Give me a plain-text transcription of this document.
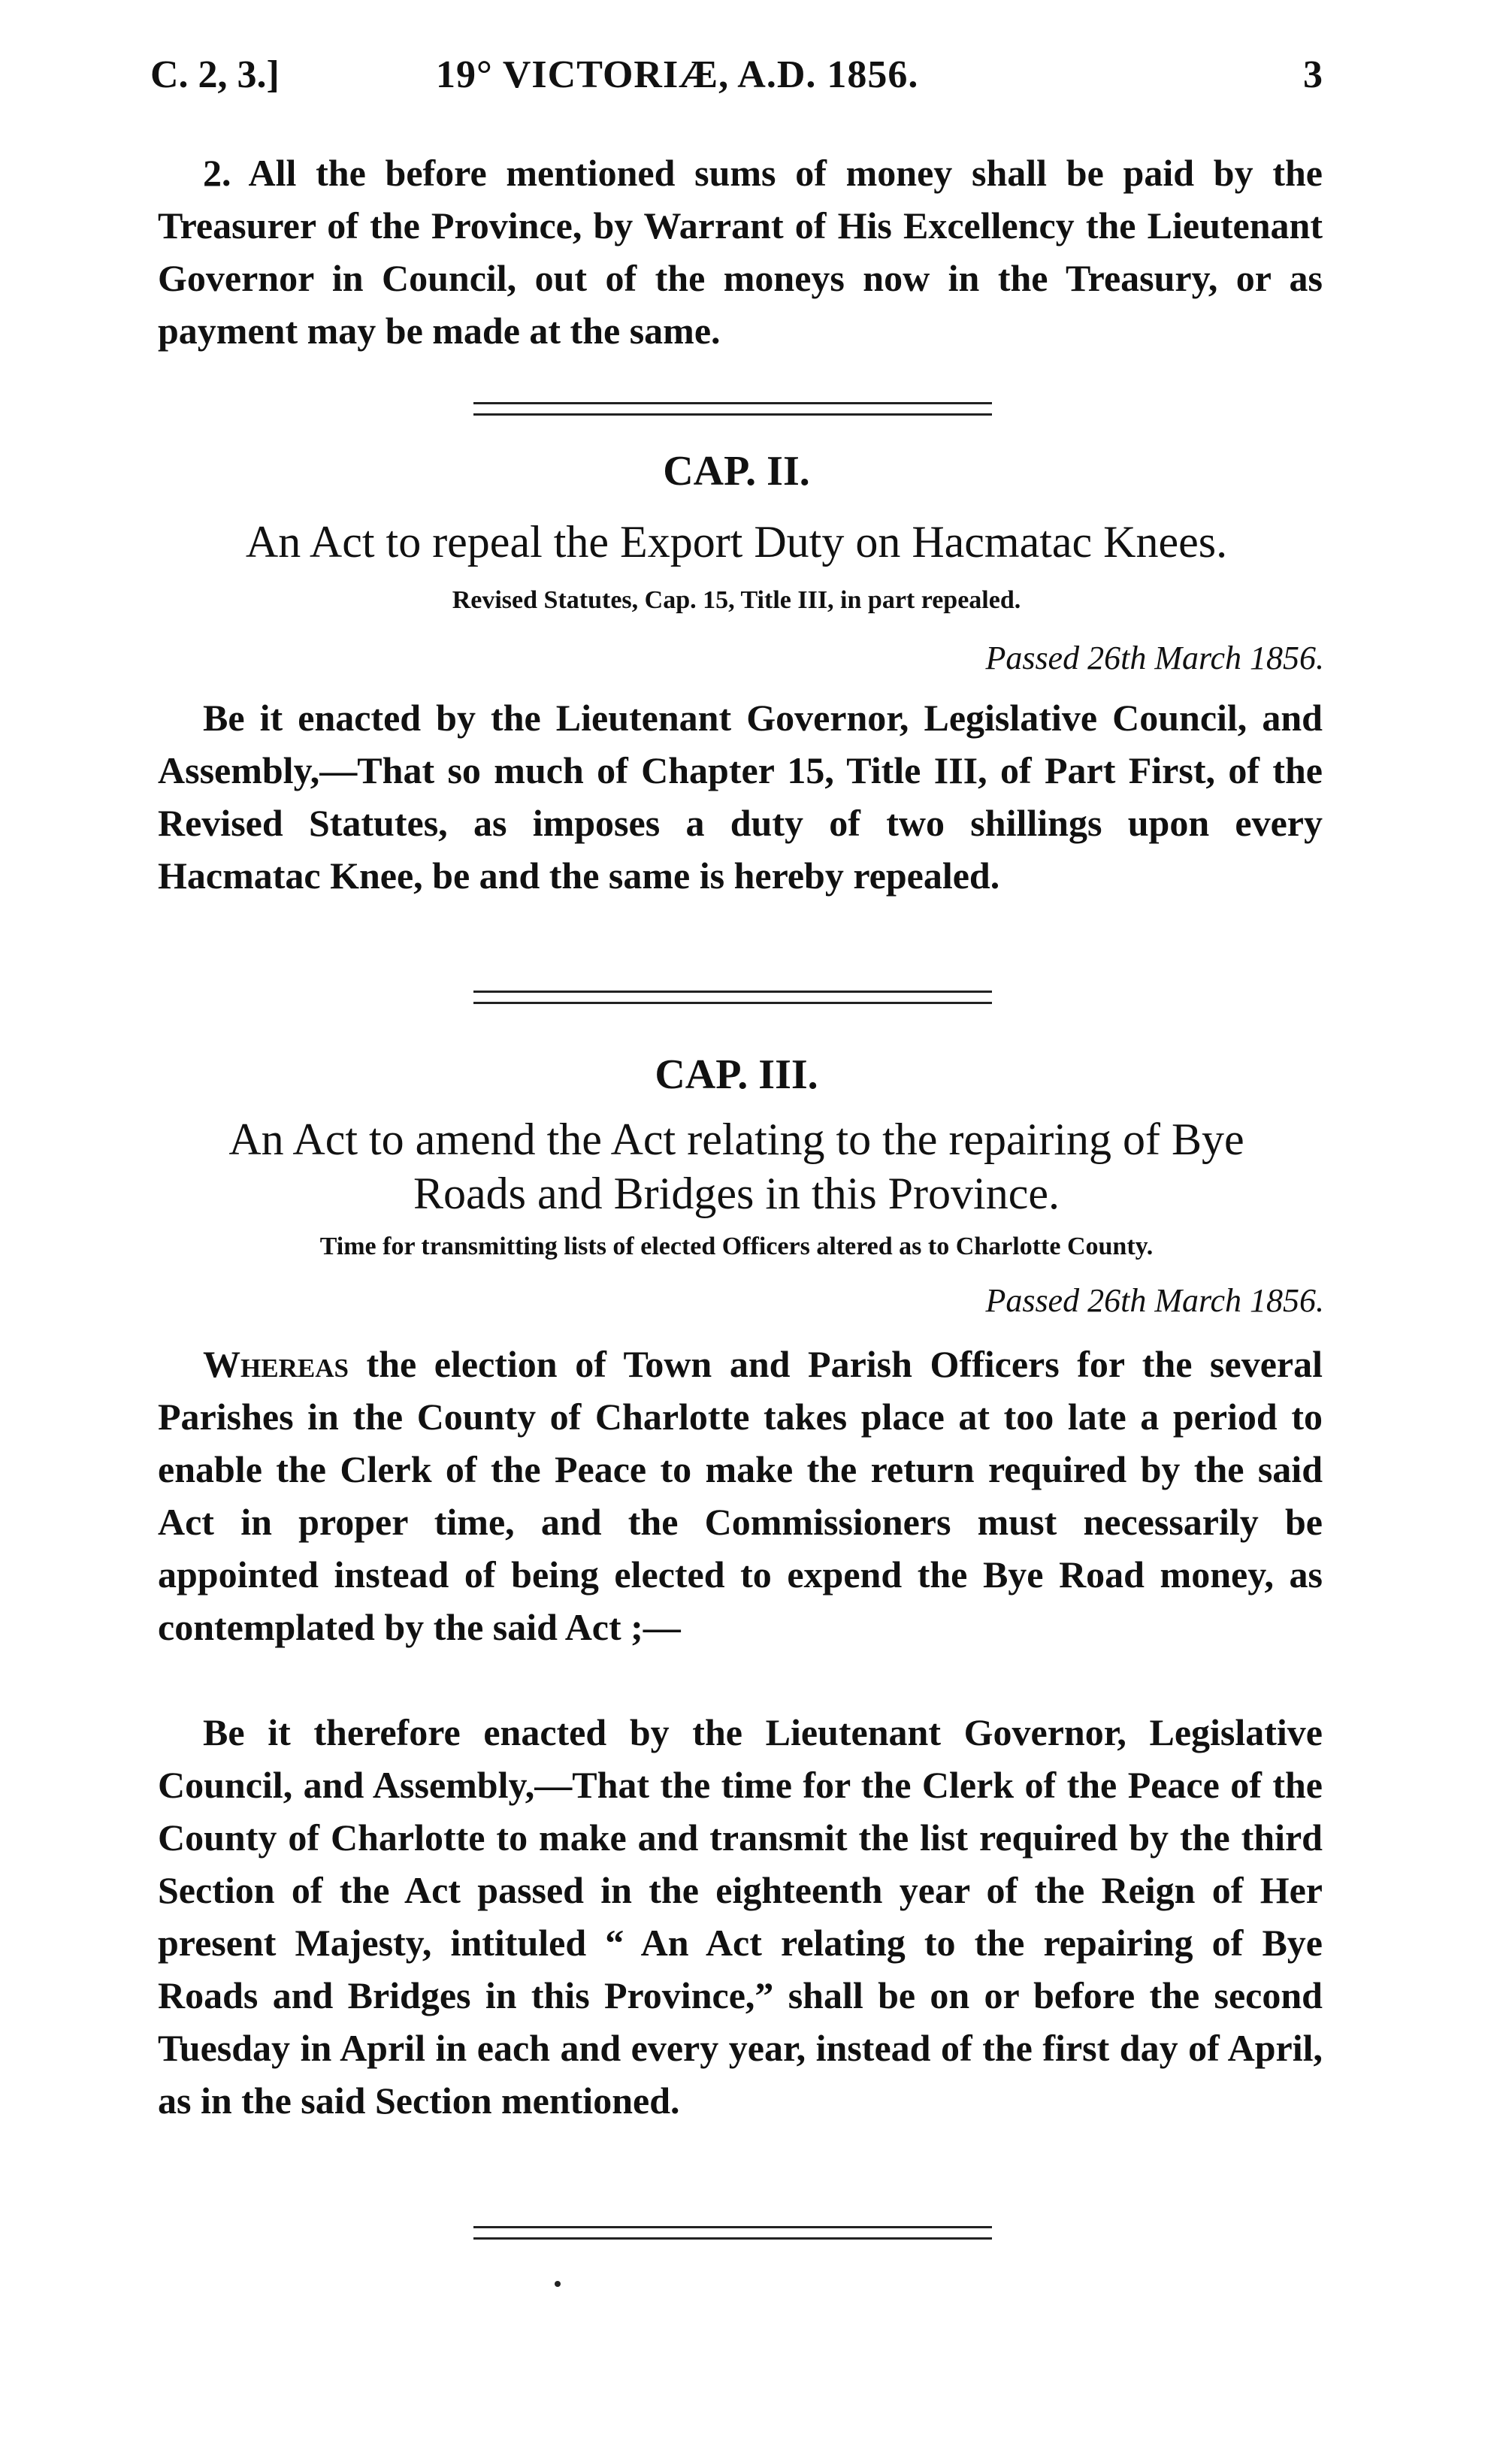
C. 2, 3.]	19° VICTORIÆ, A.D. 1856.	3

2. All the before mentioned sums of money shall be paid by the Treasurer of the Province, by Warrant of His Excellency the Lieutenant Governor in Council, out of the moneys now in the Treasury, or as payment may be made at the same.

CAP. II.

An Act to repeal the Export Duty on Hacmatac Knees.

Revised Statutes, Cap. 15, Title III, in part repealed.

Passed 26th March 1856.

Be it enacted by the Lieutenant Governor, Legislative Council, and Assembly,—That so much of Chapter 15, Title III, of Part First, of the Revised Statutes, as imposes a duty of two shillings upon every Hacmatac Knee, be and the same is hereby repealed.

CAP. III.

An Act to amend the Act relating to the repairing of Bye

Roads and Bridges in this Province.

Time for transmitting lists of elected Officers altered as to Charlotte County.

Passed 26th March 1856.

Whereas the election of Town and Parish Officers for the several Parishes in the County of Charlotte takes place at too late a period to enable the Clerk of the Peace to make the return required by the said Act in proper time, and the Commissioners must necessarily be appointed instead of being elected to expend the Bye Road money, as contemplated by the said Act ;—

Be it therefore enacted by the Lieutenant Governor, Legislative Council, and Assembly,—That the time for the Clerk of the Peace of the County of Charlotte to make and transmit the list required by the third Section of the Act passed in the eighteenth year of the Reign of Her present Majesty, intituled “ An Act relating to the repairing of Bye Roads and Bridges in this Province,” shall be on or before the second Tuesday in April in each and every year, instead of the first day of April, as in the said Section mentioned.
